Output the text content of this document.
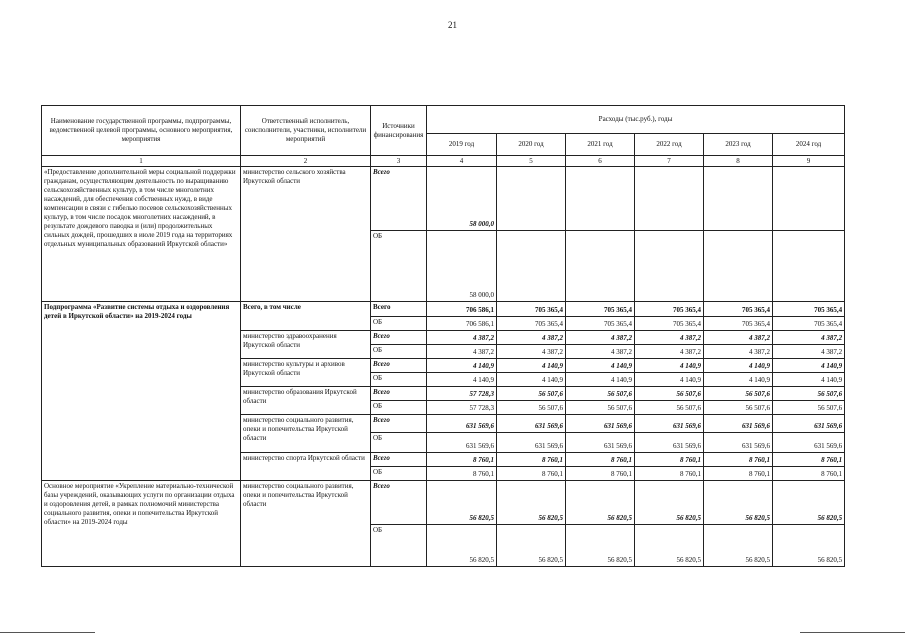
21
Наименование государственной программы, подпрограммы, ведомственной целевой программы, основного мероприятия, мероприятия	Ответственный исполнитель, соисполнители, участники, исполнители мероприятий	Источники финансирования	Расходы (тыс.руб.), годы					
			2019 год	2020 год	2021 год	2022 год	2023 год	2024 год
1	2	3	4	5	6	7	8	9
«Предоставление дополнительной меры социальной поддержки гражданам, осуществляющим деятельность по выращиванию сельскохозяйственных культур, в том числе многолетних насаждений, для обеспечения собственных нужд, в виде компенсации в связи с гибелью посевов сельскохозяйственных культур, в том числе посадок многолетних насаждений, в результате дождевого паводка и (или) продолжительных сильных дождей, прошедших в июле 2019 года на территориях отдельных муниципальных образований Иркутской области»	министерство сельского хозяйства Иркутской области	Всего	58 000,0					
		ОБ	58 000,0					
Подпрограмма «Развитие системы отдыха и оздоровления детей в Иркутской области» на 2019-2024 годы	Всего, в том числе	Всего	706 586,1	705 365,4	705 365,4	705 365,4	705 365,4	705 365,4
		ОБ	706 586,1	705 365,4	705 365,4	705 365,4	705 365,4	705 365,4
	министерство здравоохранения Иркутской области	Всего	4 387,2	4 387,2	4 387,2	4 387,2	4 387,2	4 387,2
		ОБ	4 387,2	4 387,2	4 387,2	4 387,2	4 387,2	4 387,2
	министерство культуры и архивов Иркутской области	Всего	4 140,9	4 140,9	4 140,9	4 140,9	4 140,9	4 140,9
		ОБ	4 140,9	4 140,9	4 140,9	4 140,9	4 140,9	4 140,9
	министерство образования Иркутской области	Всего	57 728,3	56 507,6	56 507,6	56 507,6	56 507,6	56 507,6
		ОБ	57 728,3	56 507,6	56 507,6	56 507,6	56 507,6	56 507,6
	министерство социального развития, опеки и попечительства Иркутской области	Всего	631 569,6	631 569,6	631 569,6	631 569,6	631 569,6	631 569,6
		ОБ	631 569,6	631 569,6	631 569,6	631 569,6	631 569,6	631 569,6
	министерство спорта Иркутской области	Всего	8 760,1	8 760,1	8 760,1	8 760,1	8 760,1	8 760,1
		ОБ	8 760,1	8 760,1	8 760,1	8 760,1	8 760,1	8 760,1
Основное мероприятие «Укрепление материально-технической базы учреждений, оказывающих услуги по организации отдыха и оздоровления детей, в рамках полномочий министерства социального развития, опеки и попечительства Иркутской области» на 2019-2024 годы	министерство социального развития, опеки и попечительства Иркутской области	Всего	56 820,5	56 820,5	56 820,5	56 820,5	56 820,5	56 820,5
		ОБ	56 820,5	56 820,5	56 820,5	56 820,5	56 820,5	56 820,5
